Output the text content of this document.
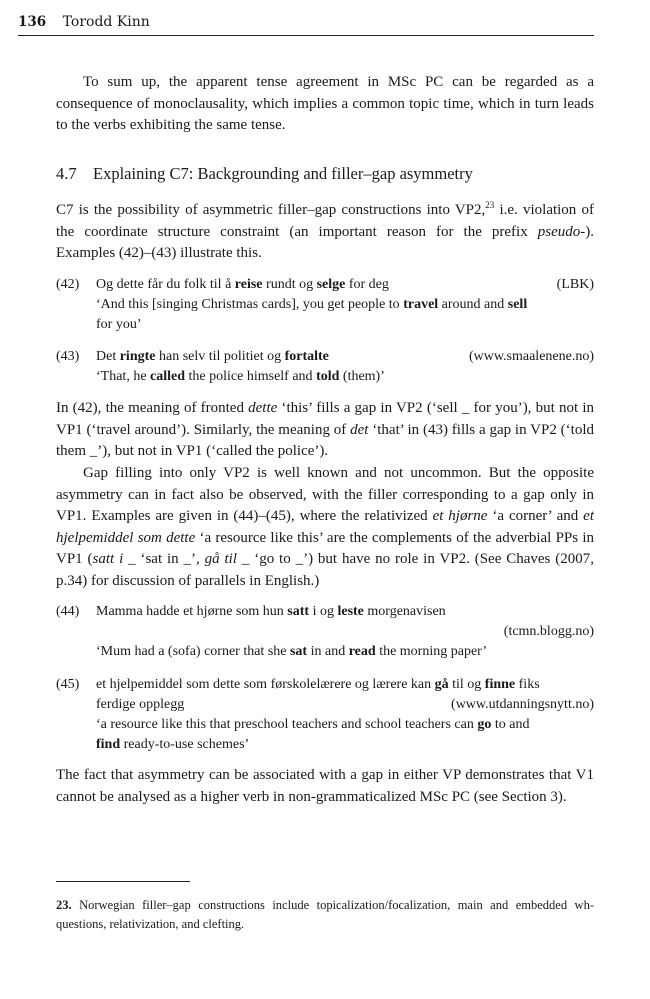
136 Torodd Kinn

To sum up, the apparent tense agreement in MSc PC can be regarded as a consequence of monoclausality, which implies a common topic time, which in turn leads to the verbs exhibiting the same tense.

4.7 Explaining C7: Backgrounding and filler–gap asymmetry

C7 is the possibility of asymmetric filler–gap constructions into VP2,23 i.e. violation of the coordinate structure constraint (an important reason for the prefix pseudo-). Examples (42)–(43) illustrate this.

(42)	Og dette får du folk til å reise rundt og selge for deg	(LBK)
‘And this [singing Christmas cards], you get people to travel around and sell
for you’
(43)	Det ringte han selv til politiet og fortalte	(www.smaalenene.no)
‘That, he called the police himself and told (them)’

In (42), the meaning of fronted dette ‘this’ fills a gap in VP2 (‘sell _ for you’), but not in VP1 (‘travel around’). Similarly, the meaning of det ‘that’ in (43) fills a gap in VP2 (‘told them _’), but not in VP1 (‘called the police’).

Gap filling into only VP2 is well known and not uncommon. But the opposite asymmetry can in fact also be observed, with the filler corresponding to a gap only in VP1. Examples are given in (44)–(45), where the relativized et hjørne ‘a corner’ and et hjelpemiddel som dette ‘a resource like this’ are the complements of the adverbial PPs in VP1 (satt i _ ‘sat in _’, gå til _ ‘go to _’) but have no role in VP2. (See Chaves (2007, p.34) for discussion of parallels in English.)

(44)	Mamma hadde et hjørne som hun satt i og leste morgenavisen
(tcmn.blogg.no)
‘Mum had a (sofa) corner that she sat in and read the morning paper’
(45)	et hjelpemiddel som dette som førskolelærere og lærere kan gå til og finne fiks
ferdige opplegg	(www.utdanningsnytt.no)
‘a resource like this that preschool teachers and school teachers can go to and
find ready-to-use schemes’

The fact that asymmetry can be associated with a gap in either VP demonstrates that V1 cannot be analysed as a higher verb in non-grammaticalized MSc PC (see Section 3).

23. Norwegian filler–gap constructions include topicalization/focalization, main and embedded wh-questions, relativization, and clefting.
